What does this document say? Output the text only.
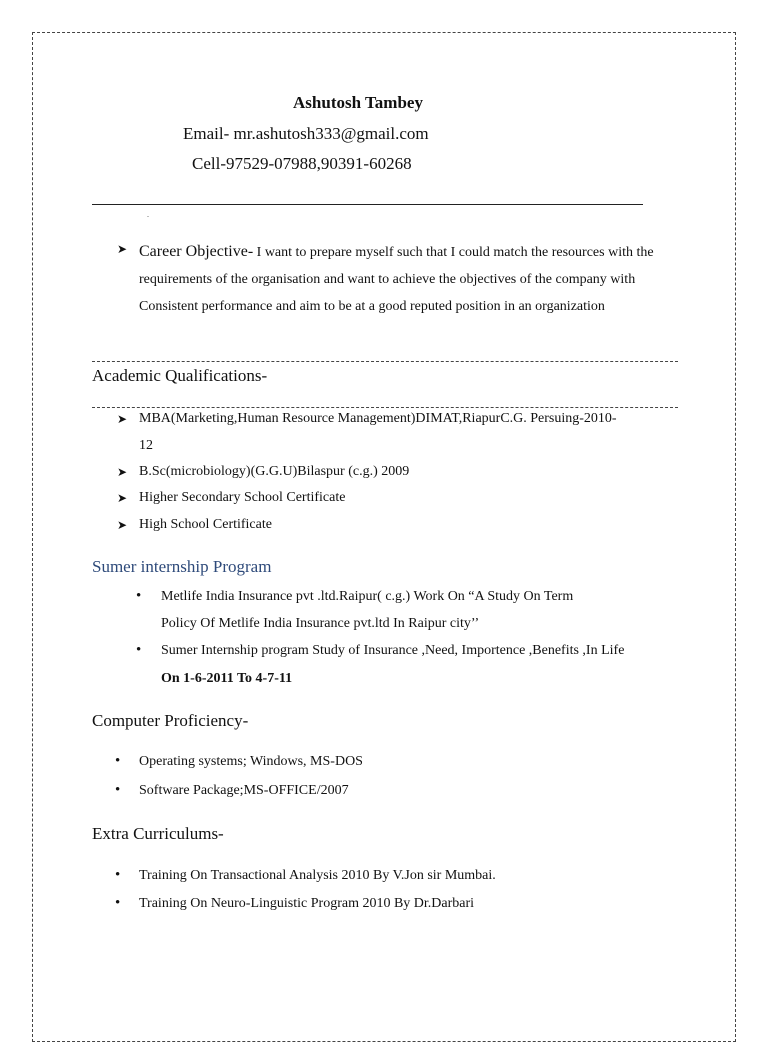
Ashutosh Tambey
Email- mr.ashutosh333@gmail.com
Cell-97529-07988,90391-60268
.
➤ Career Objective- I want to prepare myself such that I could match the resources with the requirements of the organisation and want to achieve the objectives of the company with Consistent performance and aim to be at a good reputed position in an organization
Academic Qualifications-
➤ MBA(Marketing,Human Resource Management)DIMAT,RiapurC.G. Persuing-2010-
12
➤ B.Sc(microbiology)(G.G.U)Bilaspur (c.g.) 2009
➤ Higher Secondary School Certificate
➤ High School Certificate
Sumer internship Program
• Metlife India Insurance pvt .ltd.Raipur( c.g.) Work On “A Study On Term
Policy Of Metlife India Insurance pvt.ltd In Raipur city’’
• Sumer Internship program Study of Insurance ,Need, Importence ,Benefits ,In Life
On 1-6-2011 To 4-7-11
Computer Proficiency-
• Operating systems; Windows, MS-DOS
• Software Package;MS-OFFICE/2007
Extra Curriculums-
• Training On Transactional Analysis 2010 By V.Jon sir Mumbai.
• Training On Neuro-Linguistic Program 2010 By Dr.Darbari
